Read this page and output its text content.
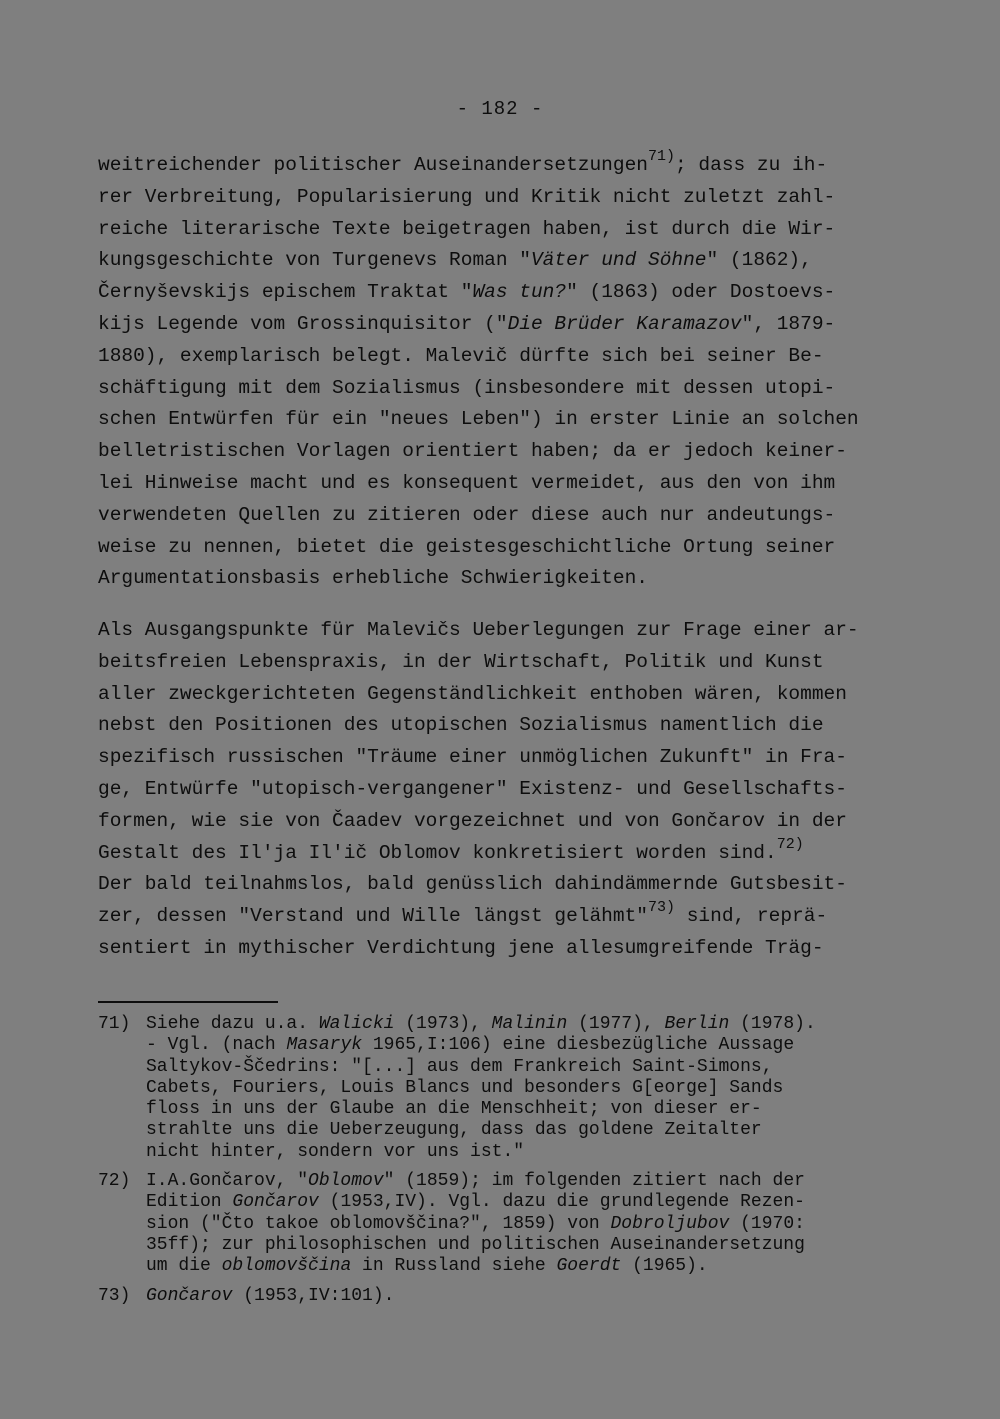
- 182 -
weitreichender politischer Auseinandersetzungen$^{71)}$; dass zu ih-
rer Verbreitung, Popularisierung und Kritik nicht zuletzt zahl-
reiche literarische Texte beigetragen haben, ist durch die Wir-
kungsgeschichte von Turgenevs Roman "Väter und Söhne" (1862),
Černyševskijs epischem Traktat "Was tun?" (1863) oder Dostoevs-
kijs Legende vom Grossinquisitor ("Die Brüder Karamazov", 1879-
1880), exemplarisch belegt. Malevič dürfte sich bei seiner Be-
schäftigung mit dem Sozialismus (insbesondere mit dessen utopi-
schen Entwürfen für ein "neues Leben") in erster Linie an solchen
belletristischen Vorlagen orientiert haben; da er jedoch keiner-
lei Hinweise macht und es konsequent vermeidet, aus den von ihm
verwendeten Quellen zu zitieren oder diese auch nur andeutungs-
weise zu nennen, bietet die geistesgeschichtliche Ortung seiner
Argumentationsbasis erhebliche Schwierigkeiten.
Als Ausgangspunkte für Malevičs Ueberlegungen zur Frage einer ar-
beitsfreien Lebenspraxis, in der Wirtschaft, Politik und Kunst
aller zweckgerichteten Gegenständlichkeit enthoben wären, kommen
nebst den Positionen des utopischen Sozialismus namentlich die
spezifisch russischen "Träume einer unmöglichen Zukunft" in Fra-
ge, Entwürfe "utopisch-vergangener" Existenz- und Gesellschafts-
formen, wie sie von Čaadev vorgezeichnet und von Gončarov in der
Gestalt des Il'ja Il'ič Oblomov konkretisiert worden sind.$^{72)}$
Der bald teilnahmslos, bald genüsslich dahindämmernde Gutsbesit-
zer, dessen "Verstand und Wille längst gelähmt"$^{73)}$ sind, reprä-
sentiert in mythischer Verdichtung jene allesumgreifende Träg-
71) Siehe dazu u.a. Walicki (1973), Malinin (1977), Berlin (1978).
- Vgl. (nach Masaryk 1965,I:106) eine diesbezügliche Aussage
Saltykov-Ščedrins: "[...] aus dem Frankreich Saint-Simons,
Cabets, Fouriers, Louis Blancs und besonders G[eorge] Sands
floss in uns der Glaube an die Menschheit; von dieser er-
strahlte uns die Ueberzeugung, dass das goldene Zeitalter
nicht hinter, sondern vor uns ist."
72) I.A.Gončarov, "Oblomov" (1859); im folgenden zitiert nach der
Edition Gončarov (1953,IV). Vgl. dazu die grundlegende Rezen-
sion ("Čto takoe oblomovščina?", 1859) von Dobroljubov (1970:
35ff); zur philosophischen und politischen Auseinandersetzung
um die oblomovščina in Russland siehe Goerdt (1965).
73) Gončarov (1953,IV:101).
